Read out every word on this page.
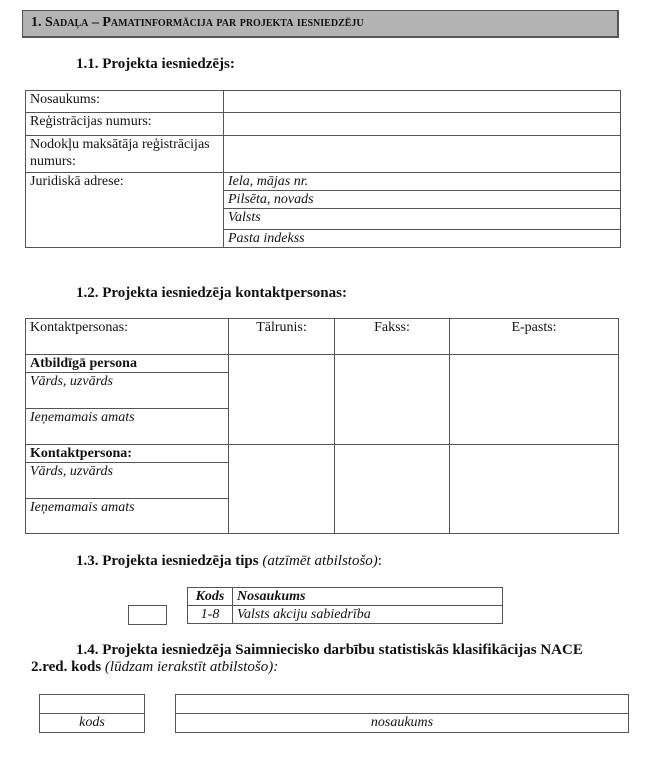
1. Sadaļa – Pamatinformācija par projekta iesniedzēju
1.1. Projekta iesniedzējs:
Nosaukums:	
Reģistrācijas numurs:	
Nodokļu maksātāja reģistrācijas numurs:	
Juridiskā adrese:	Iela, mājas nr.
	Pilsēta, novads
	Valsts
	Pasta indekss
1.2. Projekta iesniedzēja kontaktpersonas:
Kontaktpersonas:	Tālrunis:	Fakss:	E-pasts:
Atbildīgā persona			
Vārds, uzvārds			
Ieņemamais amats			
Kontaktpersona:			
Vārds, uzvārds			
Ieņemamais amats			
1.3. Projekta iesniedzēja tips (atzīmēt atbilstošo):
Kods	Nosaukums
1-8	Valsts akciju sabiedrība
1.4. Projekta iesniedzēja Saimniecisko darbību statistiskās klasifikācijas NACE
2.red. kods (lūdzam ierakstīt atbilstošo):

kods	nosaukums
